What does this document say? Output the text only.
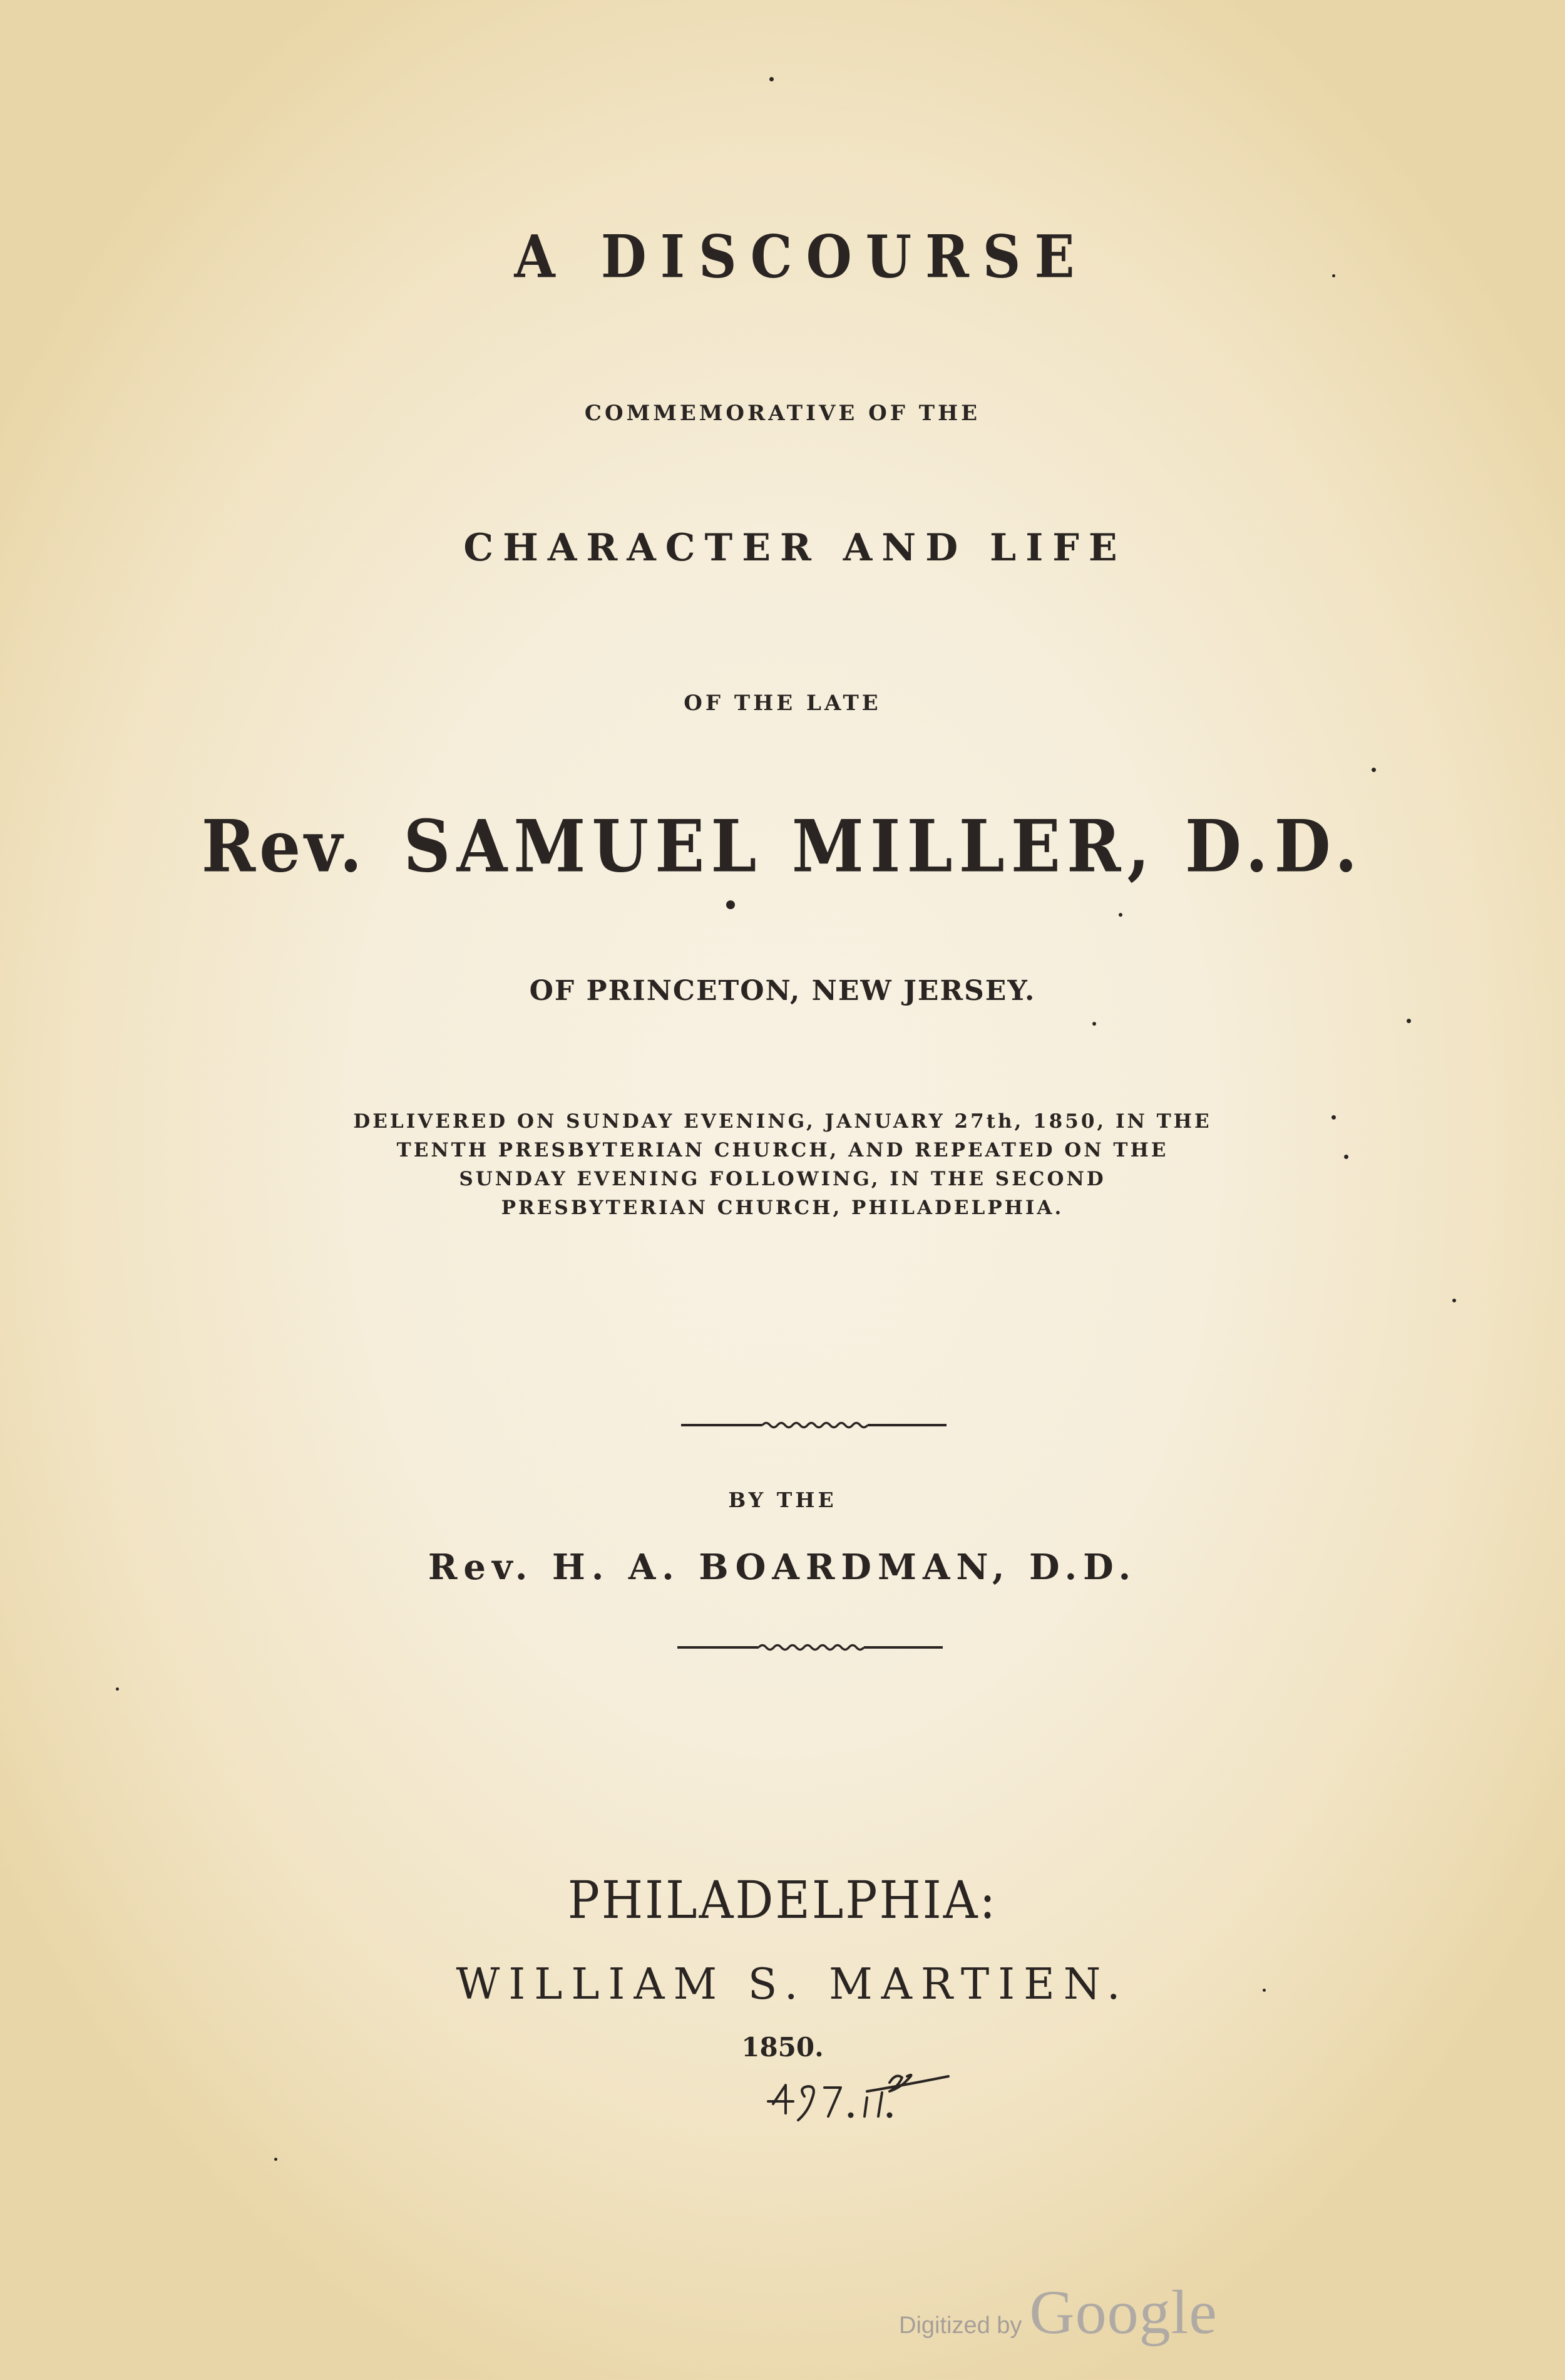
A DISCOURSE
COMMEMORATIVE OF THE
CHARACTER AND LIFE
OF THE LATE
Rev. SAMUEL MILLER, D.D.
OF PRINCETON, NEW JERSEY.
DELIVERED ON SUNDAY EVENING, JANUARY 27th, 1850, IN THE
TENTH PRESBYTERIAN CHURCH, AND REPEATED ON THE
SUNDAY EVENING FOLLOWING, IN THE SECOND
PRESBYTERIAN CHURCH, PHILADELPHIA.
BY THE
Rev. H. A. BOARDMAN, D.D.
PHILADELPHIA:
WILLIAM S. MARTIEN.
1850.
Digitized by Google
